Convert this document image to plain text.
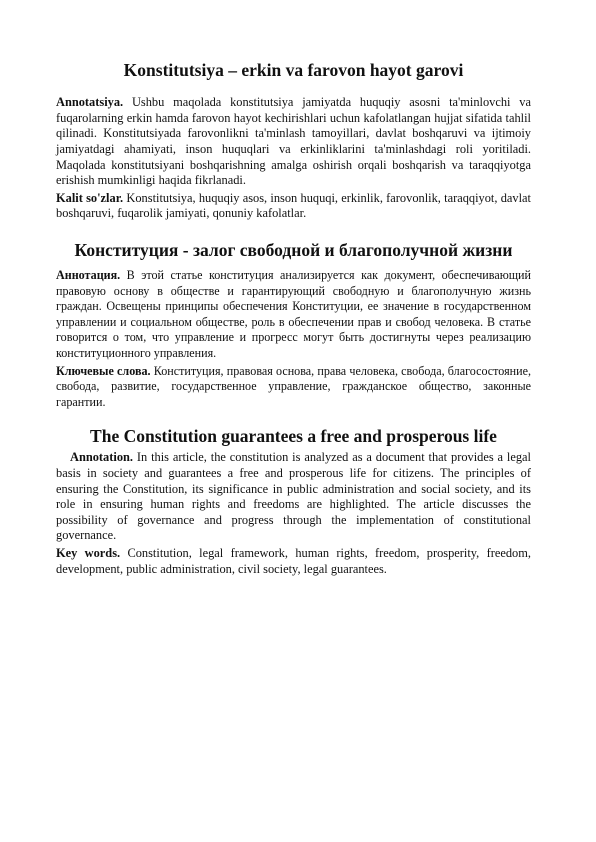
Konstitutsiya – erkin va farovon hayot garovi

Annotatsiya. Ushbu maqolada konstitutsiya jamiyatda huquqiy asosni ta'minlovchi va fuqarolarning erkin hamda farovon hayot kechirishlari uchun kafolatlangan hujjat sifatida tahlil qilinadi. Konstitutsiyada farovonlikni ta'minlash tamoyillari, davlat boshqaruvi va ijtimoiy jamiyatdagi ahamiyati, inson huquqlari va erkinliklarini ta'minlashdagi roli yoritiladi. Maqolada konstitutsiyani boshqarishning amalga oshirish orqali boshqarish va taraqqiyotga erishish mumkinligi haqida fikrlanadi.

Kalit so'zlar. Konstitutsiya, huquqiy asos, inson huquqi, erkinlik, farovonlik, taraqqiyot, davlat boshqaruvi, fuqarolik jamiyati, qonuniy kafolatlar.

Конституция - залог свободной и благополучной жизни

Аннотация. В этой статье конституция анализируется как документ, обеспечивающий правовую основу в обществе и гарантирующий свободную и благополучную жизнь граждан. Освещены принципы обеспечения Конституции, ее значение в государственном управлении и социальном обществе, роль в обеспечении прав и свобод человека. В статье говорится о том, что управление и прогресс могут быть достигнуты через реализацию конституционного управления.

Ключевые слова. Конституция, правовая основа, права человека, свобода, благосостояние, свобода, развитие, государственное управление, гражданское общество, законные гарантии.

The Constitution guarantees a free and prosperous life

Annotation. In this article, the constitution is analyzed as a document that provides a legal basis in society and guarantees a free and prosperous life for citizens. The principles of ensuring the Constitution, its significance in public administration and social society, and its role in ensuring human rights and freedoms are highlighted. The article discusses the possibility of governance and progress through the implementation of constitutional governance.

Key words. Constitution, legal framework, human rights, freedom, prosperity, freedom, development, public administration, civil society, legal guarantees.
